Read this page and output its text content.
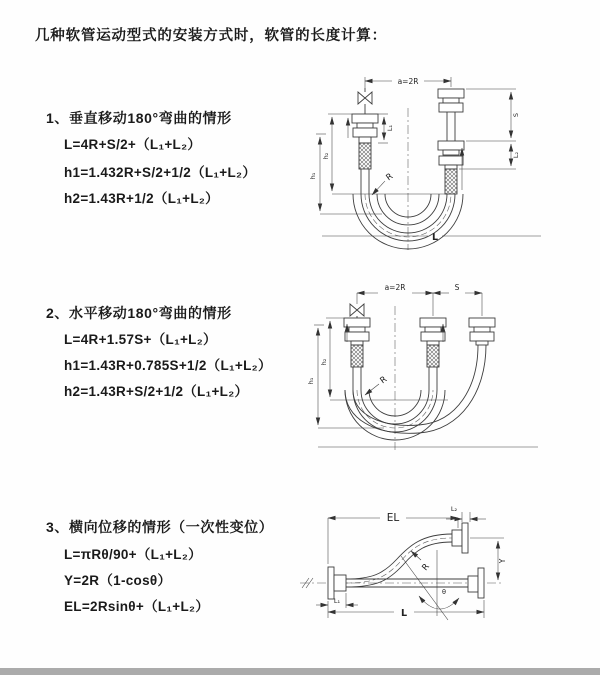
几种软管运动型式的安装方式时，软管的长度计算：
1、垂直移动180°弯曲的情形
L=4R+S/2+（L₁+L₂）
h1=1.432R+S/2+1/2（L₁+L₂）
h2=1.43R+1/2（L₁+L₂）
2、水平移动180°弯曲的情形
L=4R+1.57S+（L₁+L₂）
h1=1.43R+0.785S+1/2（L₁+L₂）
h2=1.43R+S/2+1/2（L₁+L₂）
3、横向位移的情形（一次性变位）
L=πRθ/90+（L₁+L₂）
Y=2R（1-cosθ）
EL=2Rsinθ+（L₁+L₂）
a=2R
L₁
S
L₂
h₂
h₁	R
L
a=2R	S
h₂
h₁	R
EL
L₂
Y
θ
R
L₁
L
